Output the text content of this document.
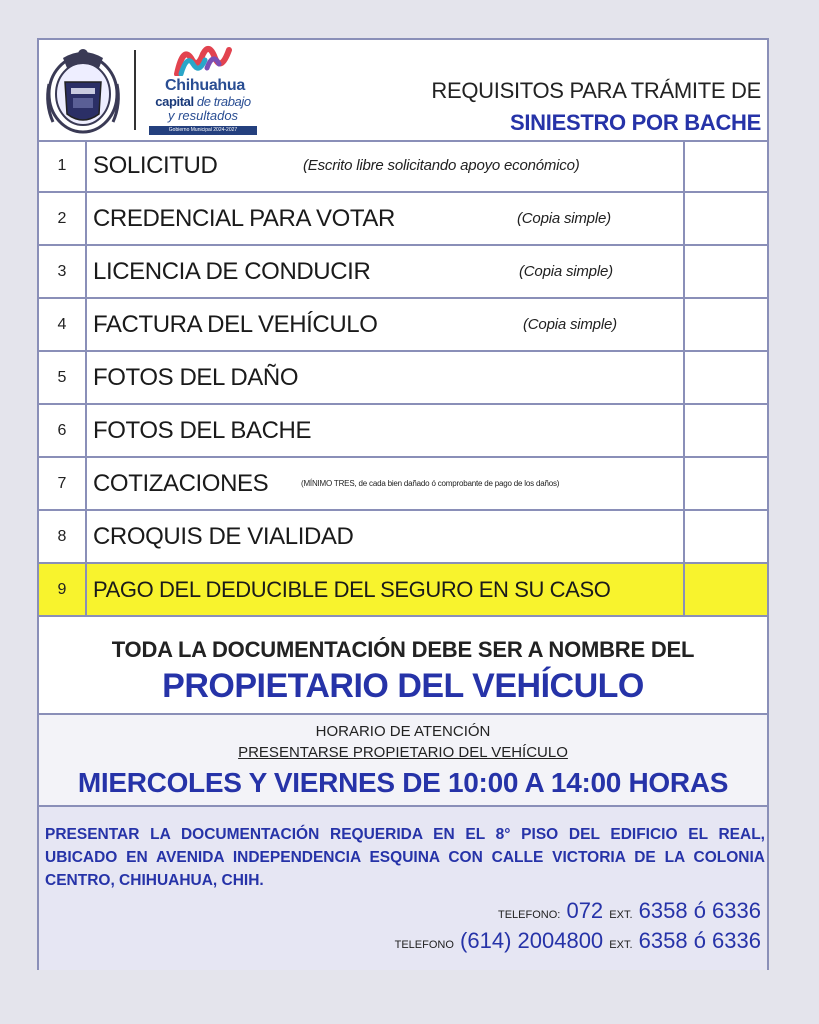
Chihuahua
capital de trabajo
y resultados
Gobierno Municipal 2024-2027
REQUISITOS PARA TRÁMITE DE
SINIESTRO POR BACHE
1	SOLICITUD	(Escrito libre solicitando apoyo económico)
2	CREDENCIAL PARA VOTAR	(Copia simple)
3	LICENCIA DE CONDUCIR	(Copia simple)
4	FACTURA DEL VEHÍCULO	(Copia simple)
5	FOTOS DEL DAÑO
6	FOTOS DEL BACHE
7	COTIZACIONES	(MÍNIMO TRES, de cada bien dañado ó comprobante de pago de los daños)
8	CROQUIS DE VIALIDAD
9	PAGO DEL DEDUCIBLE DEL SEGURO EN SU CASO
TODA LA DOCUMENTACIÓN DEBE SER A NOMBRE DEL
PROPIETARIO DEL VEHÍCULO
HORARIO DE ATENCIÓN
PRESENTARSE PROPIETARIO DEL VEHÍCULO
MIERCOLES Y VIERNES DE 10:00 A 14:00 HORAS
PRESENTAR LA DOCUMENTACIÓN REQUERIDA EN EL 8° PISO DEL EDIFICIO EL REAL, UBICADO EN AVENIDA INDEPENDENCIA ESQUINA CON CALLE VICTORIA DE LA COLONIA CENTRO, CHIHUAHUA, CHIH.
TELEFONO: 072 EXT. 6358 ó 6336
TELEFONO (614) 2004800 EXT. 6358 ó 6336
